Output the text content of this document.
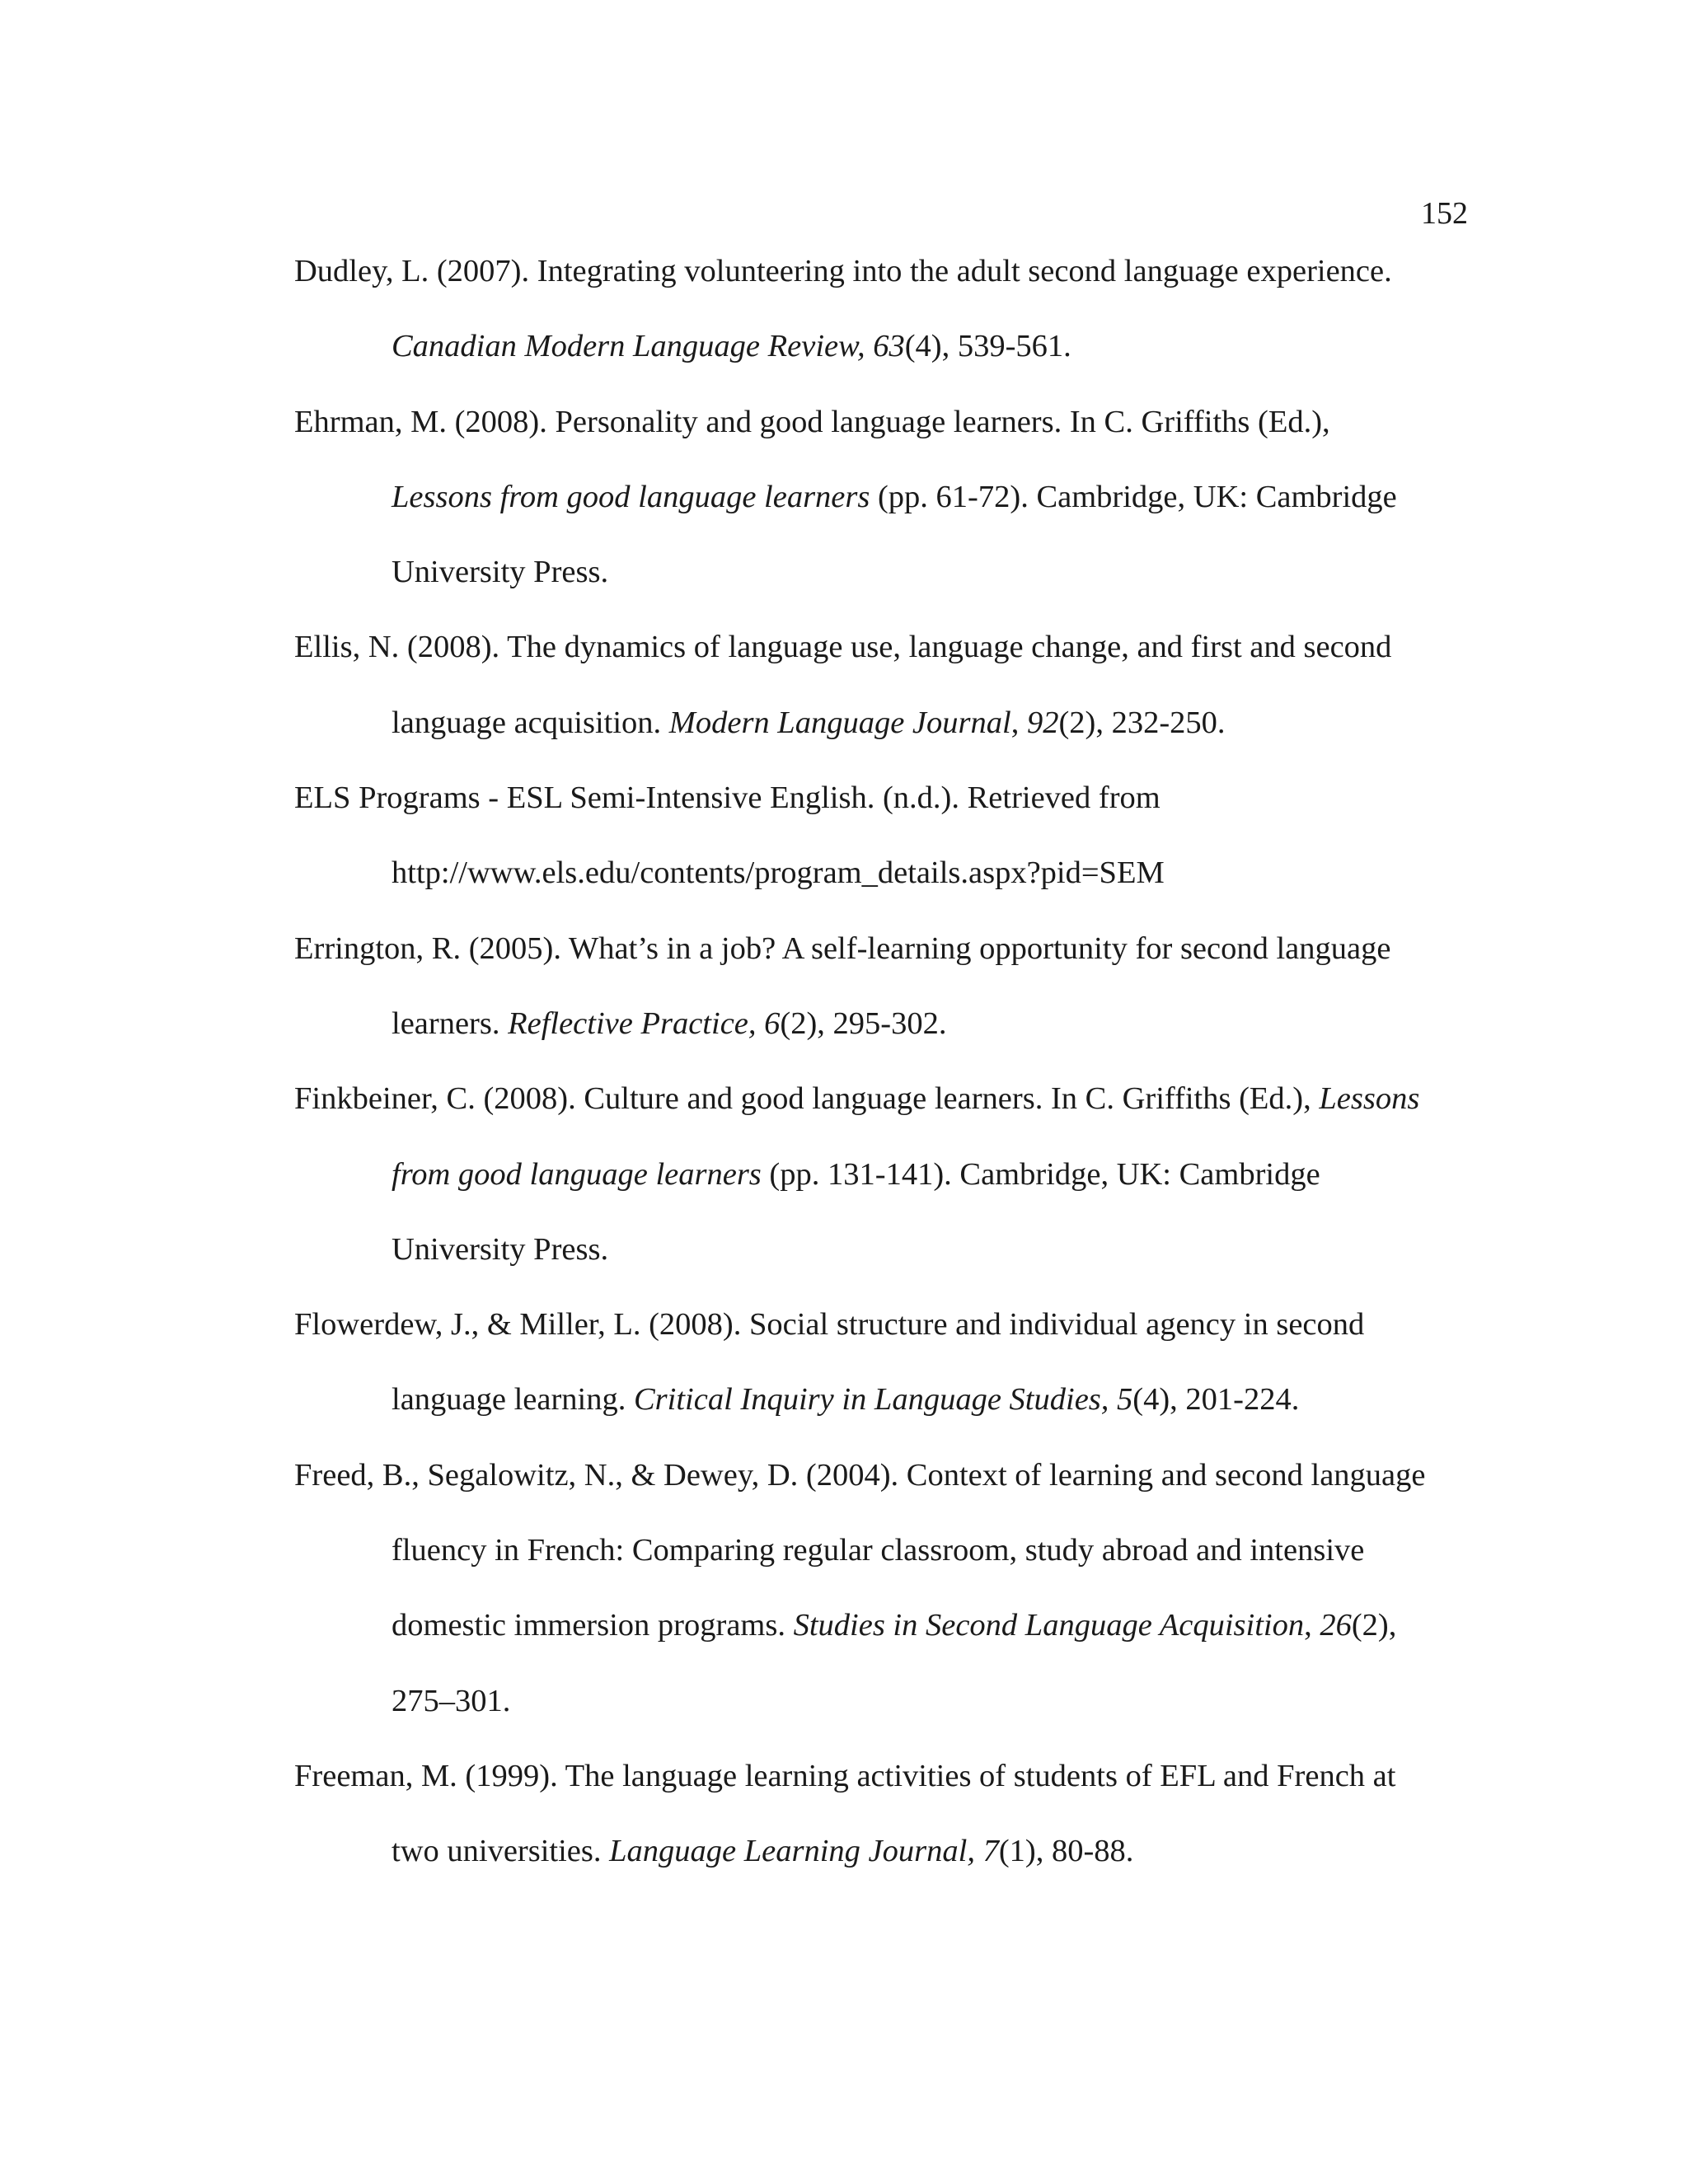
152
Dudley, L. (2007). Integrating volunteering into the adult second language experience.
Canadian Modern Language Review, 63(4), 539-561.
Ehrman, M. (2008). Personality and good language learners. In C. Griffiths (Ed.),
Lessons from good language learners (pp. 61-72). Cambridge, UK: Cambridge
University Press.
Ellis, N. (2008). The dynamics of language use, language change, and first and second
language acquisition. Modern Language Journal, 92(2), 232-250.
ELS Programs - ESL Semi-Intensive English. (n.d.). Retrieved from
http://www.els.edu/contents/program_details.aspx?pid=SEM
Errington, R. (2005). What’s in a job? A self-learning opportunity for second language
learners. Reflective Practice, 6(2), 295-302.
Finkbeiner, C. (2008). Culture and good language learners. In C. Griffiths (Ed.), Lessons
from good language learners (pp. 131-141). Cambridge, UK: Cambridge
University Press.
Flowerdew, J., & Miller, L. (2008). Social structure and individual agency in second
language learning. Critical Inquiry in Language Studies, 5(4), 201-224.
Freed, B., Segalowitz, N., & Dewey, D. (2004). Context of learning and second language
fluency in French: Comparing regular classroom, study abroad and intensive
domestic immersion programs. Studies in Second Language Acquisition, 26(2),
275–301.
Freeman, M. (1999). The language learning activities of students of EFL and French at
two universities. Language Learning Journal, 7(1), 80-88.
